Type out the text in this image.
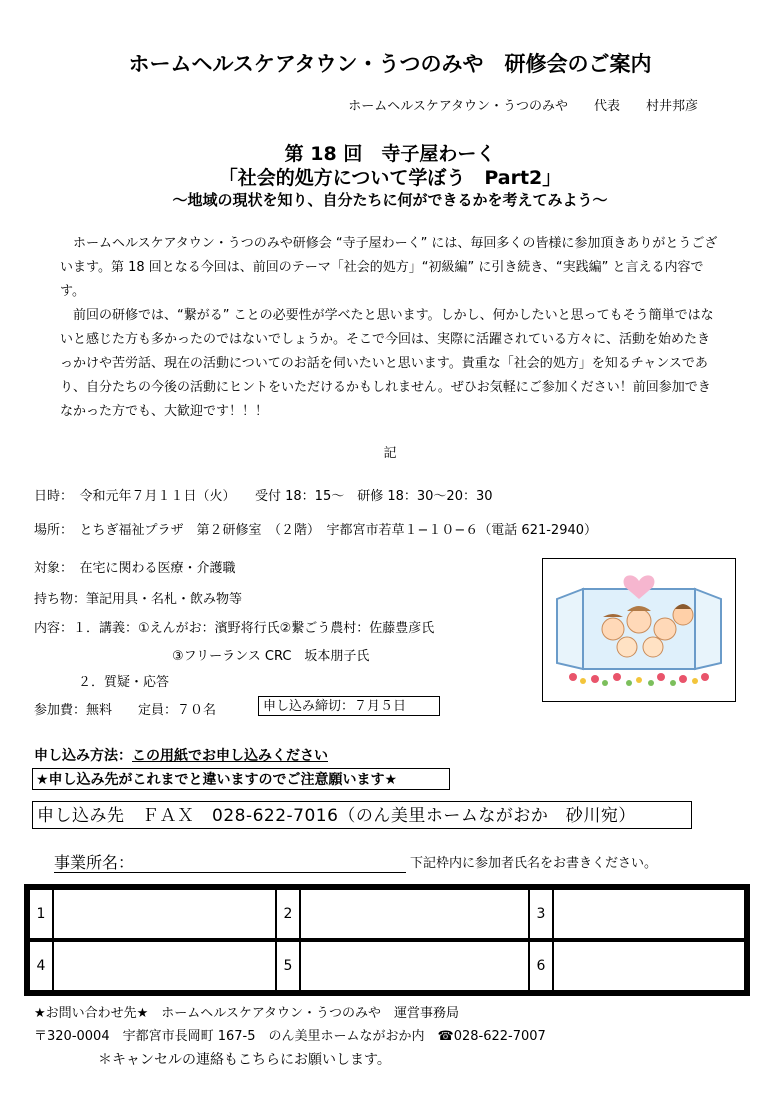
ホームヘルスケアタウン・うつのみや　研修会のご案内
ホームヘルスケアタウン・うつのみや　　代表　　村井邦彦
第 18 回　寺子屋わーく
「社会的処方について学ぼう　Part2」
～地域の現状を知り、自分たちに何ができるかを考えてみよう～
　ホームヘルスケアタウン・うつのみや研修会 “寺子屋わーく” には、毎回多くの皆様に参加頂きありがとうございます。第 18 回となる今回は、前回のテーマ「社会的処方」“初級編” に引き続き、“実践編” と言える内容です。
　前回の研修では、“繋がる” ことの必要性が学べたと思います。しかし、何かしたいと思ってもそう簡単ではないと感じた方も多かったのではないでしょうか。そこで今回は、実際に活躍されている方々に、活動を始めたきっかけや苦労話、現在の活動についてのお話を伺いたいと思います。貴重な「社会的処方」を知るチャンスであり、自分たちの今後の活動にヒントをいただけるかもしれません。ぜひお気軽にご参加ください！前回参加できなかった方でも、大歓迎です！！！
記
日時：　令和元年７月１１日（火）　　受付 18：15～　研修 18：30～20：30
場所：　とちぎ福祉プラザ　第２研修室　（２階）　宇都宮市若草１−１０−６（電話 621-2940）
対象：　在宅に関わる医療・介護職
持ち物：筆記用具・名札・飲み物等
内容：１．講義：①えんがお：濱野将行氏②繋ごう農村：佐藤豊彦氏
③フリーランス CRC　坂本朋子氏
２．質疑・応答
参加費：無料　　定員：７０名	申し込み締切：７月５日
申し込み方法：この用紙でお申し込みください
★申し込み先がこれまでと違いますのでご注意願います★
申し込み先　ＦＡＸ　028-622-7016（のん美里ホームながおか　砂川宛）
事業所名：	下記枠内に参加者氏名をお書きください。
1	2	3
4	5	6
★お問い合わせ先★　ホームヘルスケアタウン・うつのみや　運営事務局
〒320-0004　宇都宮市長岡町 167-5　のん美里ホームながおか内　☎028-622-7007
＊キャンセルの連絡もこちらにお願いします。
